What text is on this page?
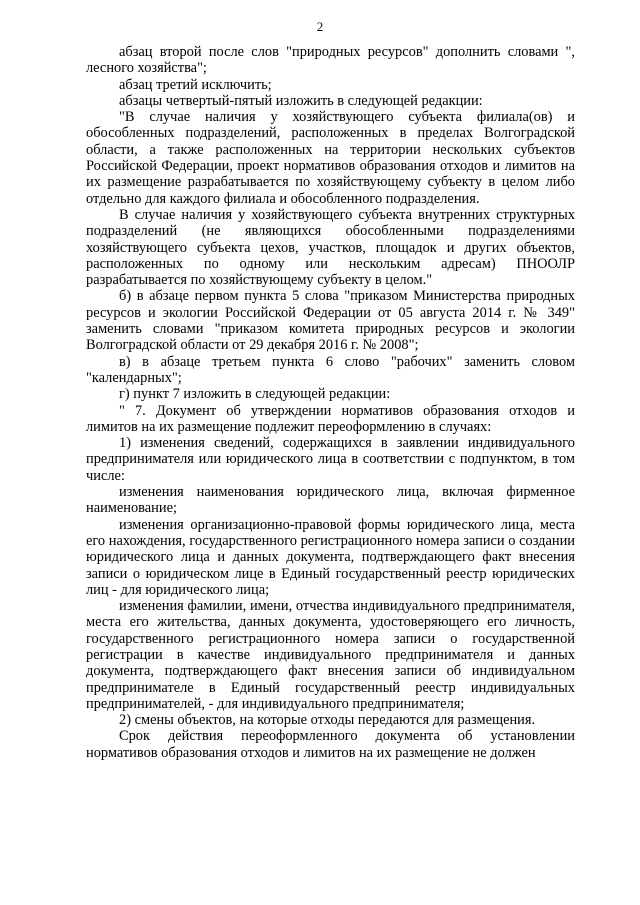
2

абзац второй после слов "природных ресурсов" дополнить словами ", лесного хозяйства";

абзац третий исключить;

абзацы четвертый-пятый изложить в следующей редакции:

"В случае наличия у хозяйствующего субъекта филиала(ов) и обособленных подразделений, расположенных в пределах Волгоградской области, а также расположенных на территории нескольких субъектов Российской Федерации, проект нормативов образования отходов и лимитов на их размещение разрабатывается по хозяйствующему субъекту в целом либо отдельно для каждого филиала и обособленного подразделения.

В случае наличия у хозяйствующего субъекта внутренних структурных подразделений (не являющихся обособленными подразделениями хозяйствующего субъекта цехов, участков, площадок и других объектов, расположенных по одному или нескольким адресам) ПНООЛР разрабатывается по хозяйствующему субъекту в целом."

б) в абзаце первом пункта 5 слова "приказом Министерства природных ресурсов и экологии Российской Федерации от 05 августа 2014 г. № 349" заменить словами "приказом комитета природных ресурсов и экологии Волгоградской области от 29 декабря 2016 г. № 2008";

в) в абзаце третьем пункта 6 слово "рабочих" заменить словом "календарных";

г) пункт 7 изложить в следующей редакции:

" 7. Документ об утверждении нормативов образования отходов и лимитов на их размещение подлежит переоформлению в случаях:

1) изменения сведений, содержащихся в заявлении индивидуального предпринимателя или юридического лица в соответствии с подпунктом, в том числе:

изменения наименования юридического лица, включая фирменное наименование;

изменения организационно-правовой формы юридического лица, места его нахождения, государственного регистрационного номера записи о создании юридического лица и данных документа, подтверждающего факт внесения записи о юридическом лице в Единый государственный реестр юридических лиц - для юридического лица;

изменения фамилии, имени, отчества индивидуального предпринимателя, места его жительства, данных документа, удостоверяющего его личность, государственного регистрационного номера записи о государственной регистрации в качестве индивидуального предпринимателя и данных документа, подтверждающего факт внесения записи об индивидуальном предпринимателе в Единый государственный реестр индивидуальных предпринимателей, - для индивидуального предпринимателя;

2) смены объектов, на которые отходы передаются для размещения.

Срок действия переоформленного документа об установлении нормативов образования отходов и лимитов на их размещение не должен
